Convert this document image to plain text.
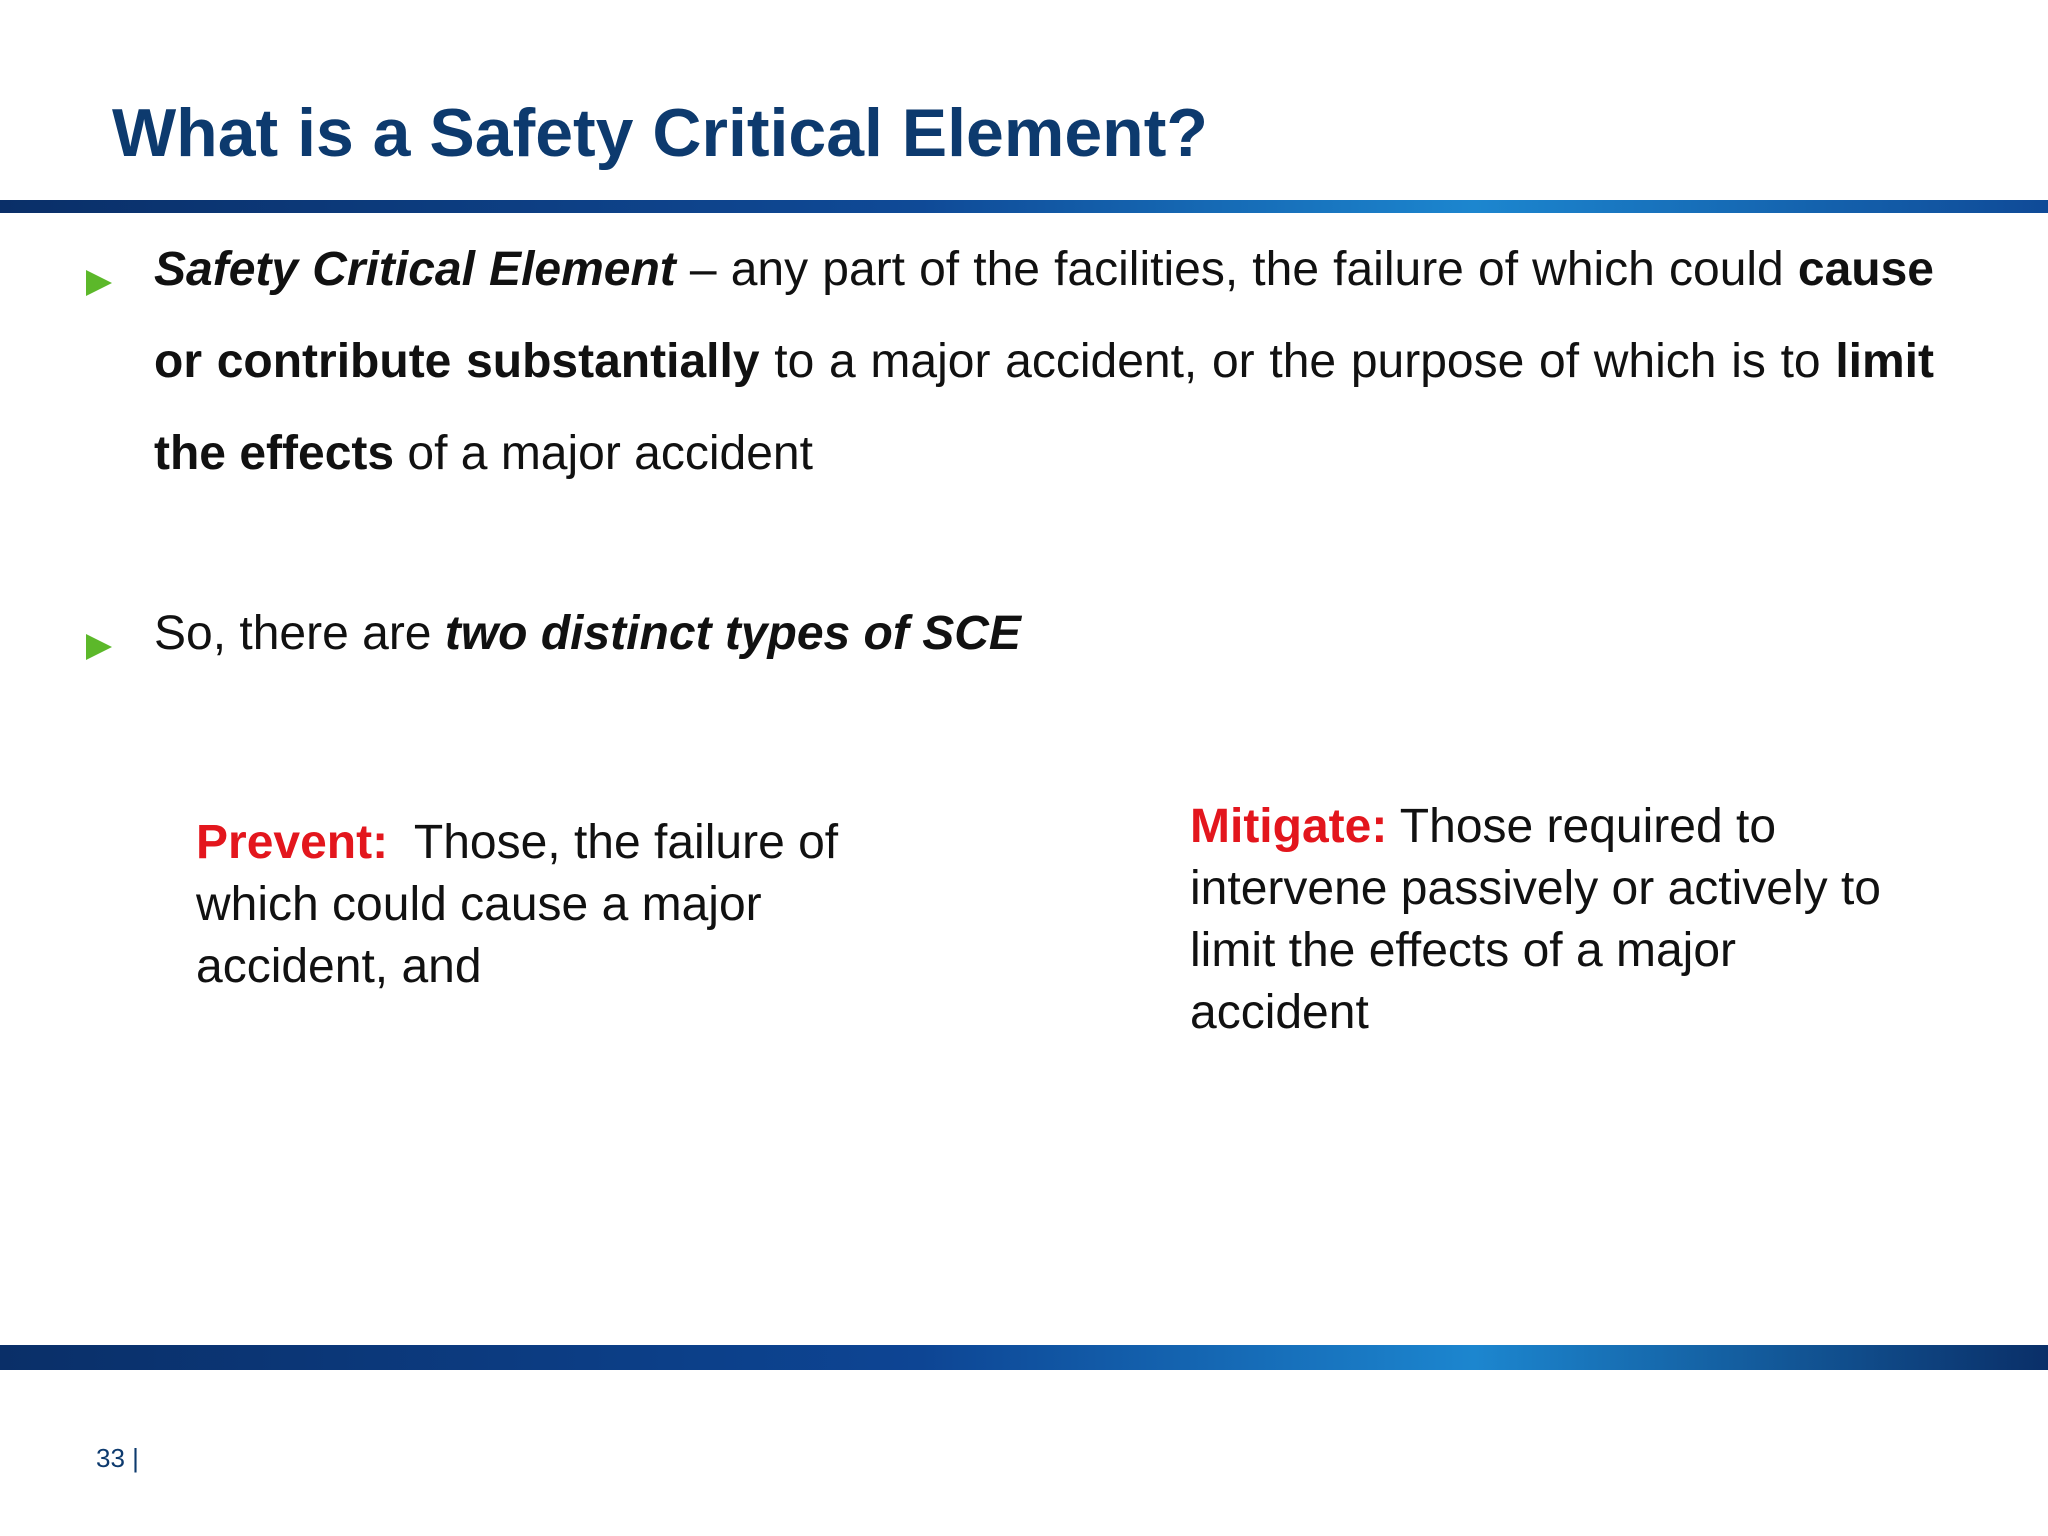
What is a Safety Critical Element?

Safety Critical Element – any part of the facilities, the failure of which could cause or contribute substantially to a major accident, or the purpose of which is to limit the effects of a major accident

So, there are two distinct types of SCE

Prevent:  Those, the failure of which could cause a major accident, and

Mitigate: Those required to intervene passively or actively to limit the effects of a major accident

33 |
